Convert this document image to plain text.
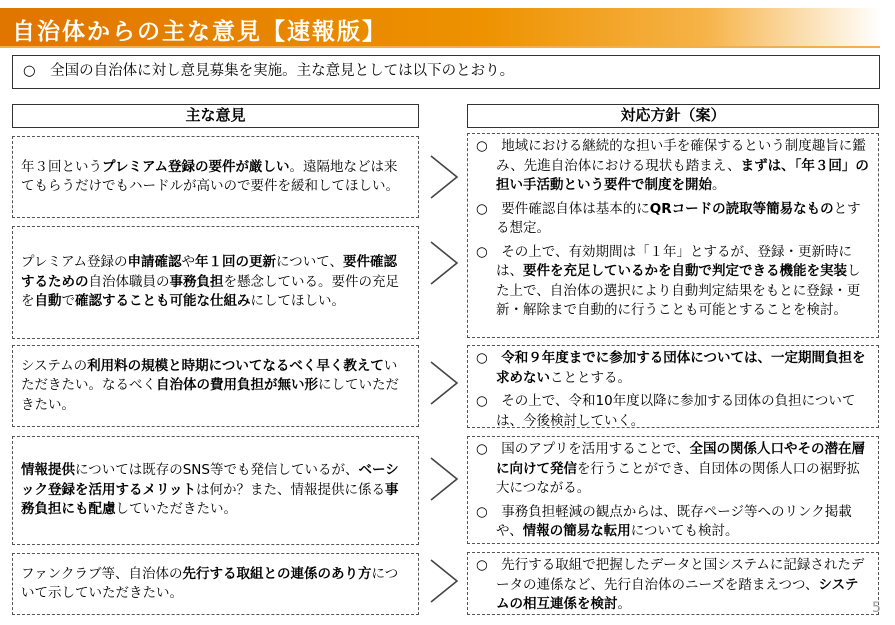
自治体からの主な意見【速報版】
○　全国の自治体に対し意見募集を実施。主な意見としては以下のとおり。
主な意見	対応方針（案）
年３回というプレミアム登録の要件が厳しい。遠隔地などは来てもらうだけでもハードルが高いので要件を緩和してほしい。
プレミアム登録の申請確認や年１回の更新について、要件確認するための自治体職員の事務負担を懸念している。要件の充足を自動で確認することも可能な仕組みにしてほしい。
システムの利用料の規模と時期についてなるべく早く教えていただきたい。なるべく自治体の費用負担が無い形にしていただきたい。
情報提供については既存のSNS等でも発信しているが、ベーシック登録を活用するメリットは何か？また、情報提供に係る事務負担にも配慮していただきたい。
ファンクラブ等、自治体の先行する取組との連係のあり方について示していただきたい。

○　地域における継続的な担い手を確保するという制度趣旨に鑑み、先進自治体における現状も踏まえ、まずは、「年３回」の担い手活動という要件で制度を開始。

○　要件確認自体は基本的にQRコードの読取等簡易なものとする想定。

○　その上で、有効期間は「１年」とするが、登録・更新時には、要件を充足しているかを自動で判定できる機能を実装した上で、自治体の選択により自動判定結果をもとに登録・更新・解除まで自動的に行うことも可能とすることを検討。

○　令和９年度までに参加する団体については、一定期間負担を求めないこととする。

○　その上で、令和10年度以降に参加する団体の負担については、今後検討していく。

○　国のアプリを活用することで、全国の関係人口やその潜在層に向けて発信を行うことができ、自団体の関係人口の裾野拡大につながる。

○　事務負担軽減の観点からは、既存ページ等へのリンク掲載や、情報の簡易な転用についても検討。

○　先行する取組で把握したデータと国システムに記録されたデータの連係など、先行自治体のニーズを踏まえつつ、システムの相互連係を検討。	5
